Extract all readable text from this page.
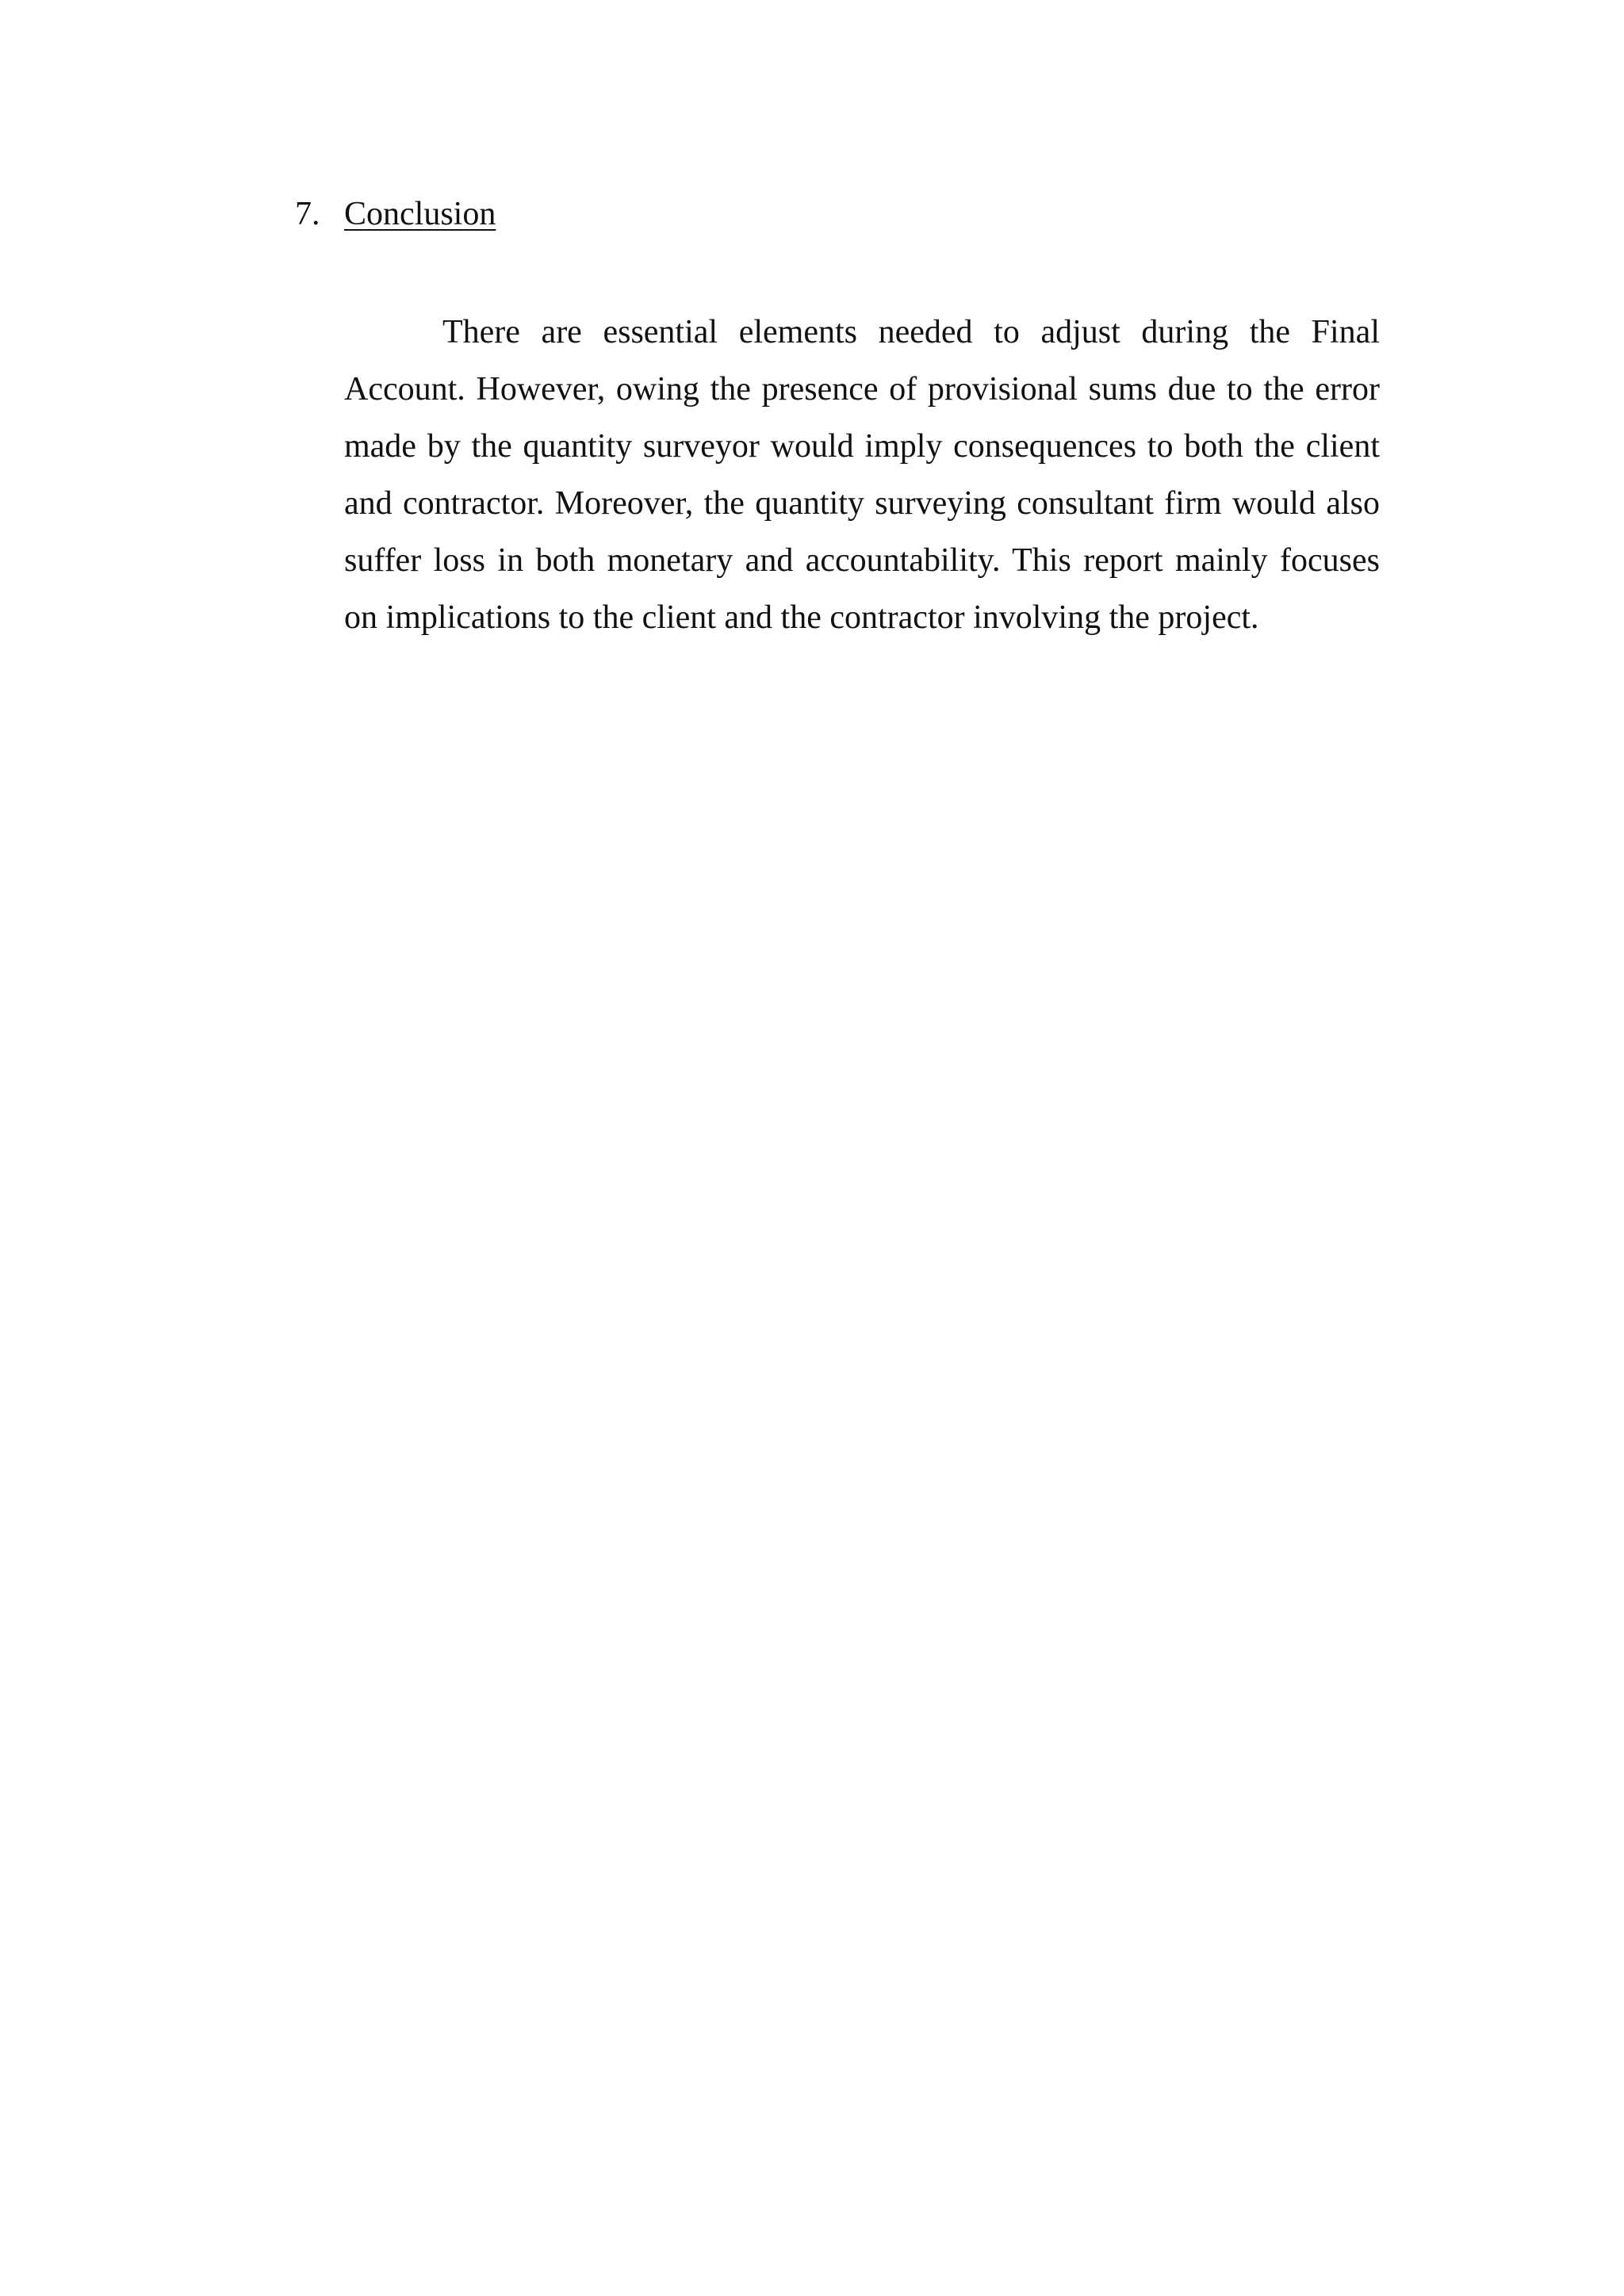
7. Conclusion

There are essential elements needed to adjust during the Final Account. However, owing the presence of provisional sums due to the error made by the quantity surveyor would imply consequences to both the client and contractor. Moreover, the quantity surveying consultant firm would also suffer loss in both monetary and accountability. This report mainly focuses on implications to the client and the contractor involving the project.
